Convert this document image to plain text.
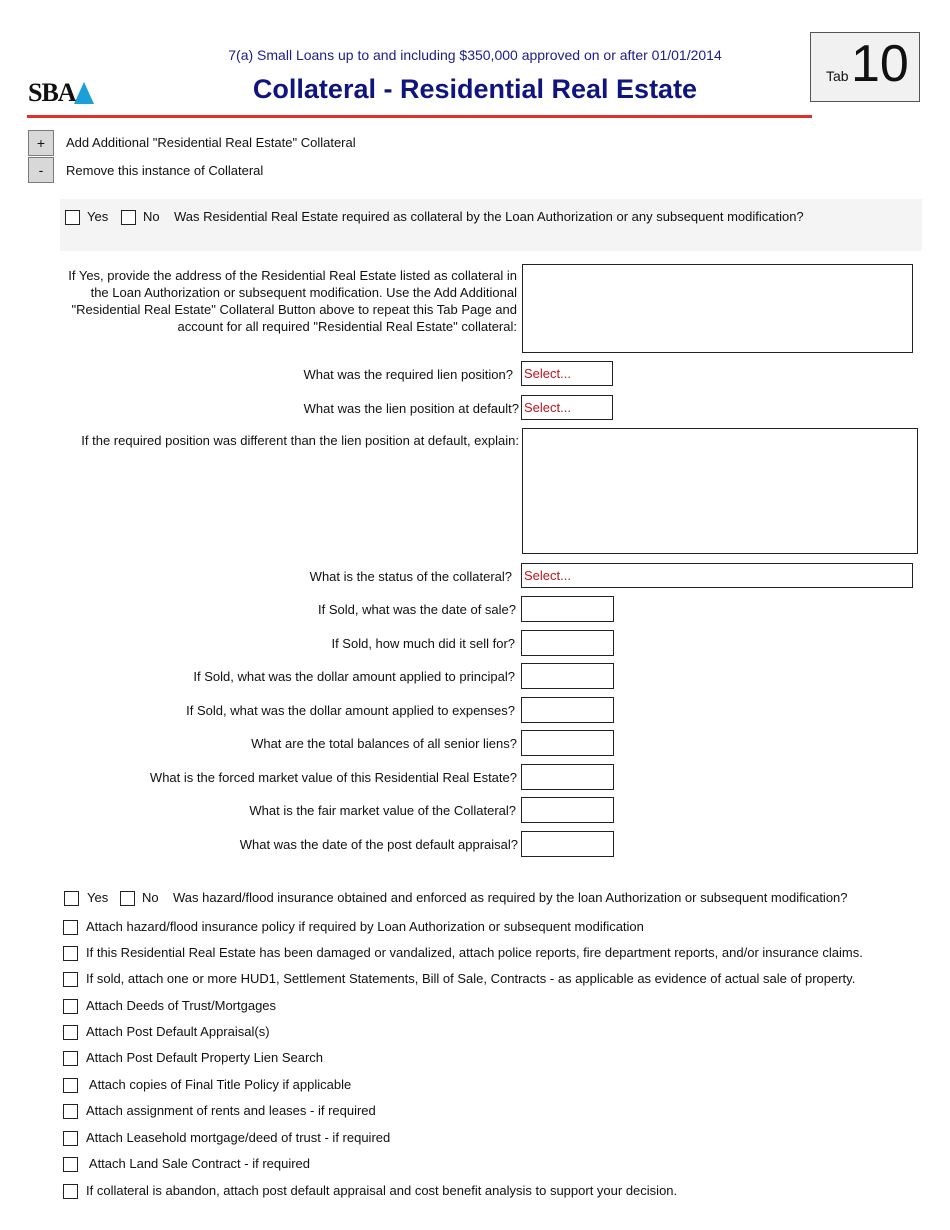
7(a) Small Loans up to and including $350,000 approved on or after 01/01/2014
Collateral - Residential Real Estate
SBA
Tab 10
+	Add Additional "Residential Real Estate" Collateral
-	Remove this instance of Collateral
Yes	No Was Residential Real Estate required as collateral by the Loan Authorization or any subsequent modification?
If Yes, provide the address of the Residential Real Estate listed as collateral in
the Loan Authorization or subsequent modification. Use the Add Additional
"Residential Real Estate" Collateral Button above to repeat this Tab Page and
account for all required "Residential Real Estate" collateral:
What was the required lien position? Select...
What was the lien position at default? Select...
If the required position was different than the lien position at default, explain:
What is the status of the collateral? Select...
If Sold, what was the date of sale?
If Sold, how much did it sell for?
If Sold, what was the dollar amount applied to principal?
If Sold, what was the dollar amount applied to expenses?
What are the total balances of all senior liens?
What is the forced market value of this Residential Real Estate?
What is the fair market value of the Collateral?
What was the date of the post default appraisal?
Yes	No Was hazard/flood insurance obtained and enforced as required by the loan Authorization or subsequent modification?
Attach hazard/flood insurance policy if required by Loan Authorization or subsequent modification
If this Residential Real Estate has been damaged or vandalized, attach police reports, fire department reports, and/or insurance claims.
If sold, attach one or more HUD1, Settlement Statements, Bill of Sale, Contracts - as applicable as evidence of actual sale of property.
Attach Deeds of Trust/Mortgages
Attach Post Default Appraisal(s)
Attach Post Default Property Lien Search
Attach copies of Final Title Policy if applicable
Attach assignment of rents and leases - if required
Attach Leasehold mortgage/deed of trust - if required
Attach Land Sale Contract - if required
If collateral is abandon, attach post default appraisal and cost benefit analysis to support your decision.
